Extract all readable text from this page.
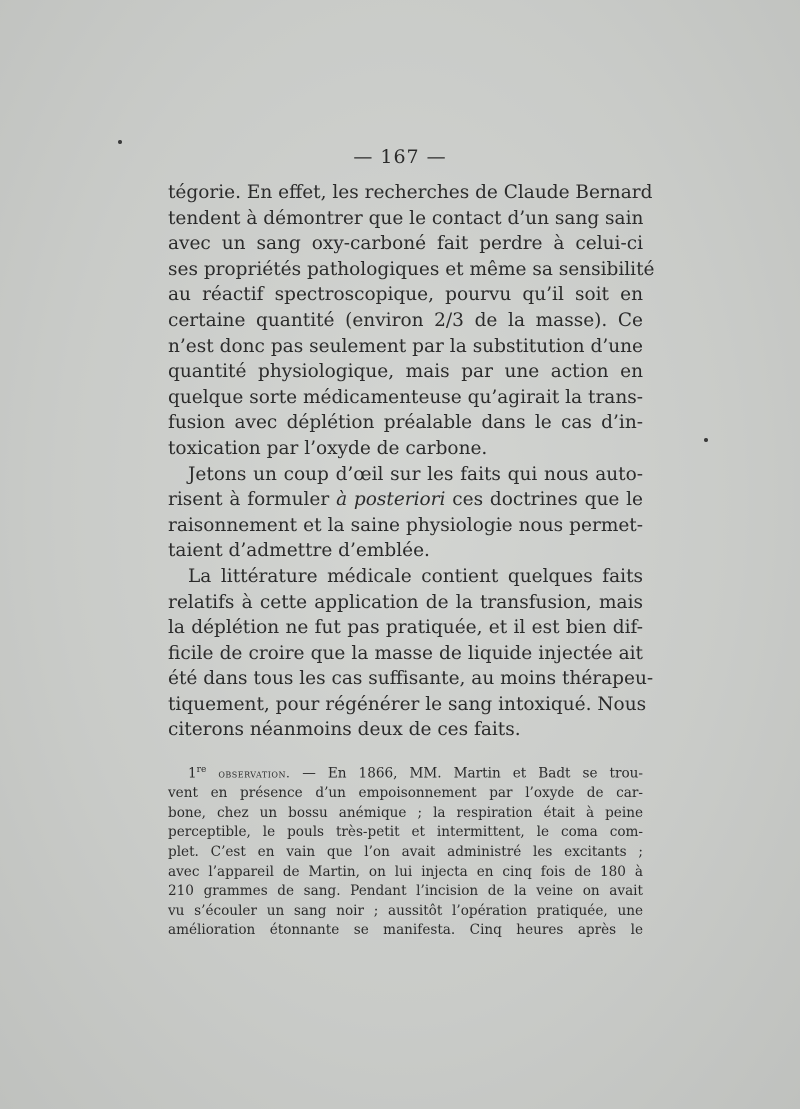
— 167 —

tégorie. En effet, les recherches de Claude Bernard
tendent à démontrer que le contact d’un sang sain
avec un sang oxy-carboné fait perdre à celui-ci
ses propriétés pathologiques et même sa sensibilité
au réactif spectroscopique, pourvu qu’il soit en
certaine quantité (environ 2/3 de la masse). Ce
n’est donc pas seulement par la substitution d’une
quantité physiologique, mais par une action en
quelque sorte médicamenteuse qu’agirait la trans-
fusion avec déplétion préalable dans le cas d’in-
toxication par l’oxyde de carbone.

Jetons un coup d’œil sur les faits qui nous auto-
risent à formuler à posteriori ces doctrines que le
raisonnement et la saine physiologie nous permet-
taient d’admettre d’emblée.

La littérature médicale contient quelques faits
relatifs à cette application de la transfusion, mais
la déplétion ne fut pas pratiquée, et il est bien dif-
ficile de croire que la masse de liquide injectée ait
été dans tous les cas suffisante, au moins thérapeu-
tiquement, pour régénérer le sang intoxiqué. Nous
citerons néanmoins deux de ces faits.

1re observation. — En 1866, MM. Martin et Badt se trou-
vent en présence d’un empoisonnement par l’oxyde de car-
bone, chez un bossu anémique ; la respiration était à peine
perceptible, le pouls très-petit et intermittent, le coma com-
plet. C’est en vain que l’on avait administré les excitants ;
avec l’appareil de Martin, on lui injecta en cinq fois de 180 à
210 grammes de sang. Pendant l’incision de la veine on avait
vu s’écouler un sang noir ; aussitôt l’opération pratiquée, une
amélioration étonnante se manifesta. Cinq heures après le
